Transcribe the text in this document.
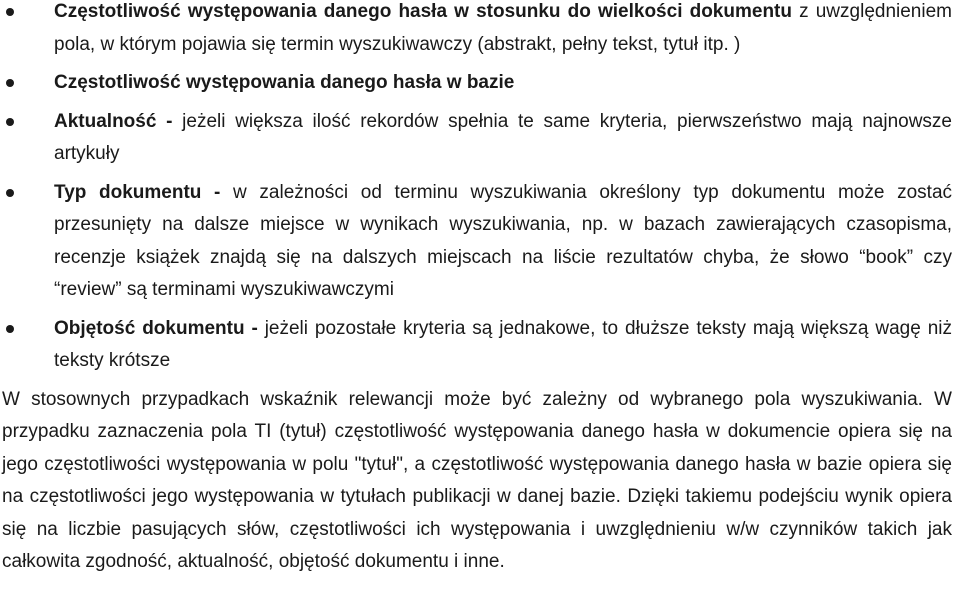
Częstotliwość występowania danego hasła w stosunku do wielkości dokumentu z uwzględnieniem pola, w którym pojawia się termin wyszukiwawczy (abstrakt, pełny tekst, tytuł itp. )
Częstotliwość występowania danego hasła w bazie
Aktualność - jeżeli większa ilość rekordów spełnia te same kryteria, pierwszeństwo mają najnowsze artykuły
Typ dokumentu - w zależności od terminu wyszukiwania określony typ dokumentu może zostać przesunięty na dalsze miejsce w wynikach wyszukiwania, np. w bazach zawierających czasopisma, recenzje książek znajdą się na dalszych miejscach na liście rezultatów chyba, że słowo “book” czy “review” są terminami wyszukiwawczymi
Objętość dokumentu - jeżeli pozostałe kryteria są jednakowe, to dłuższe teksty mają większą wagę niż teksty krótsze

W stosownych przypadkach wskaźnik relewancji może być zależny od wybranego pola wyszukiwania. W przypadku zaznaczenia pola TI (tytuł) częstotliwość występowania danego hasła w dokumencie opiera się na jego częstotliwości występowania w polu "tytuł", a częstotliwość występowania danego hasła w bazie opiera się na częstotliwości jego występowania w tytułach publikacji w danej bazie. Dzięki takiemu podejściu wynik opiera się na liczbie pasujących słów, częstotliwości ich występowania i uwzględnieniu w/w czynników takich jak całkowita zgodność, aktualność, objętość dokumentu i inne.
